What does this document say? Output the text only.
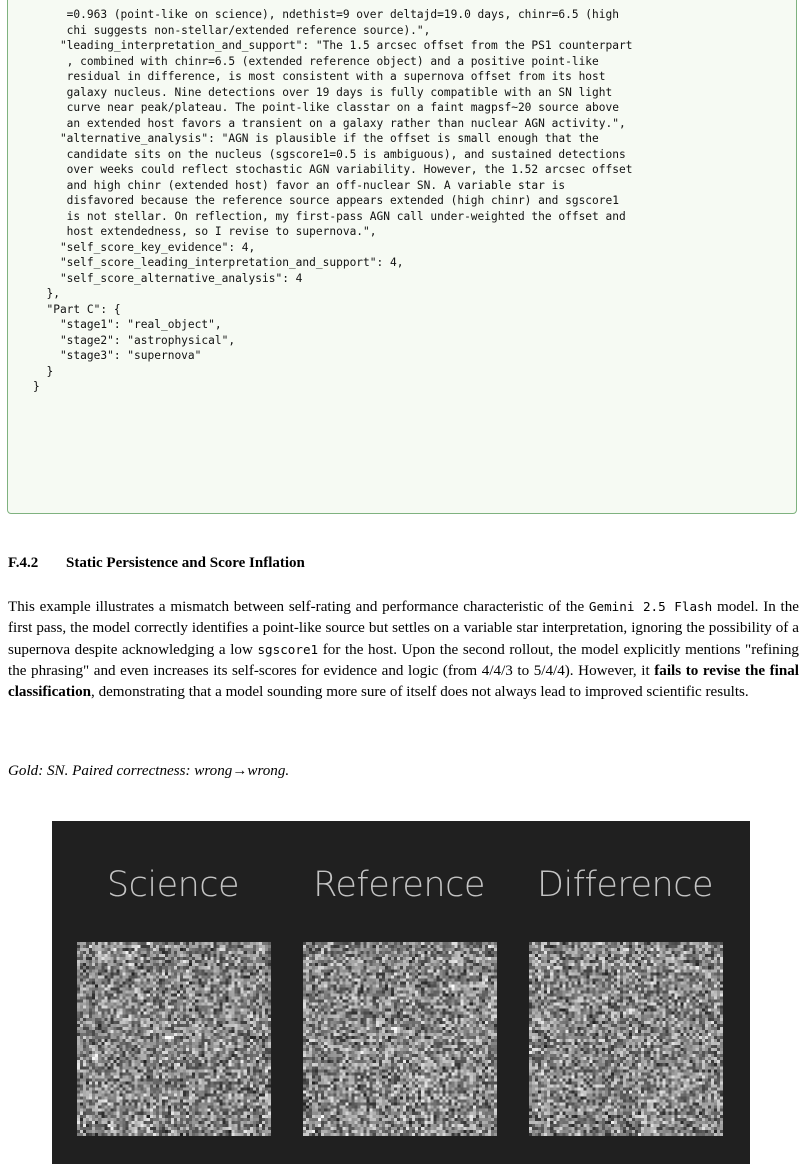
=0.963 (point-like on science), ndethist=9 over deltajd=19.0 days, chinr=6.5 (high
chi suggests non-stellar/extended reference source).",
"leading_interpretation_and_support": "The 1.5 arcsec offset from the PS1 counterpart
, combined with chinr=6.5 (extended reference object) and a positive point-like
residual in difference, is most consistent with a supernova offset from its host
galaxy nucleus. Nine detections over 19 days is fully compatible with an SN light
curve near peak/plateau. The point-like classtar on a faint magpsf~20 source above
an extended host favors a transient on a galaxy rather than nuclear AGN activity.",
"alternative_analysis": "AGN is plausible if the offset is small enough that the
candidate sits on the nucleus (sgscore1=0.5 is ambiguous), and sustained detections
over weeks could reflect stochastic AGN variability. However, the 1.52 arcsec offset
and high chinr (extended host) favor an off-nuclear SN. A variable star is
disfavored because the reference source appears extended (high chinr) and sgscore1
is not stellar. On reflection, my first-pass AGN call under-weighted the offset and
host extendedness, so I revise to supernova.",
"self_score_key_evidence": 4,
"self_score_leading_interpretation_and_support": 4,
"self_score_alternative_analysis": 4
},
"Part C": {
"stage1": "real_object",
"stage2": "astrophysical",
"stage3": "supernova"
}
}
F.4.2 Static Persistence and Score Inflation

This example illustrates a mismatch between self-rating and performance characteristic of the Gemini 2.5 Flash model. In the first pass, the model correctly identifies a point-like source but settles on a variable star interpretation, ignoring the possibility of a supernova despite acknowledging a low sgscore1 for the host. Upon the second rollout, the model explicitly mentions "refining the phrasing" and even increases its self-scores for evidence and logic (from 4/4/3 to 5/4/4). However, it fails to revise the final classification, demonstrating that a model sounding more sure of itself does not always lead to improved scientific results.

Gold: SN. Paired correctness: wrong→wrong.

Science	Reference	Difference
